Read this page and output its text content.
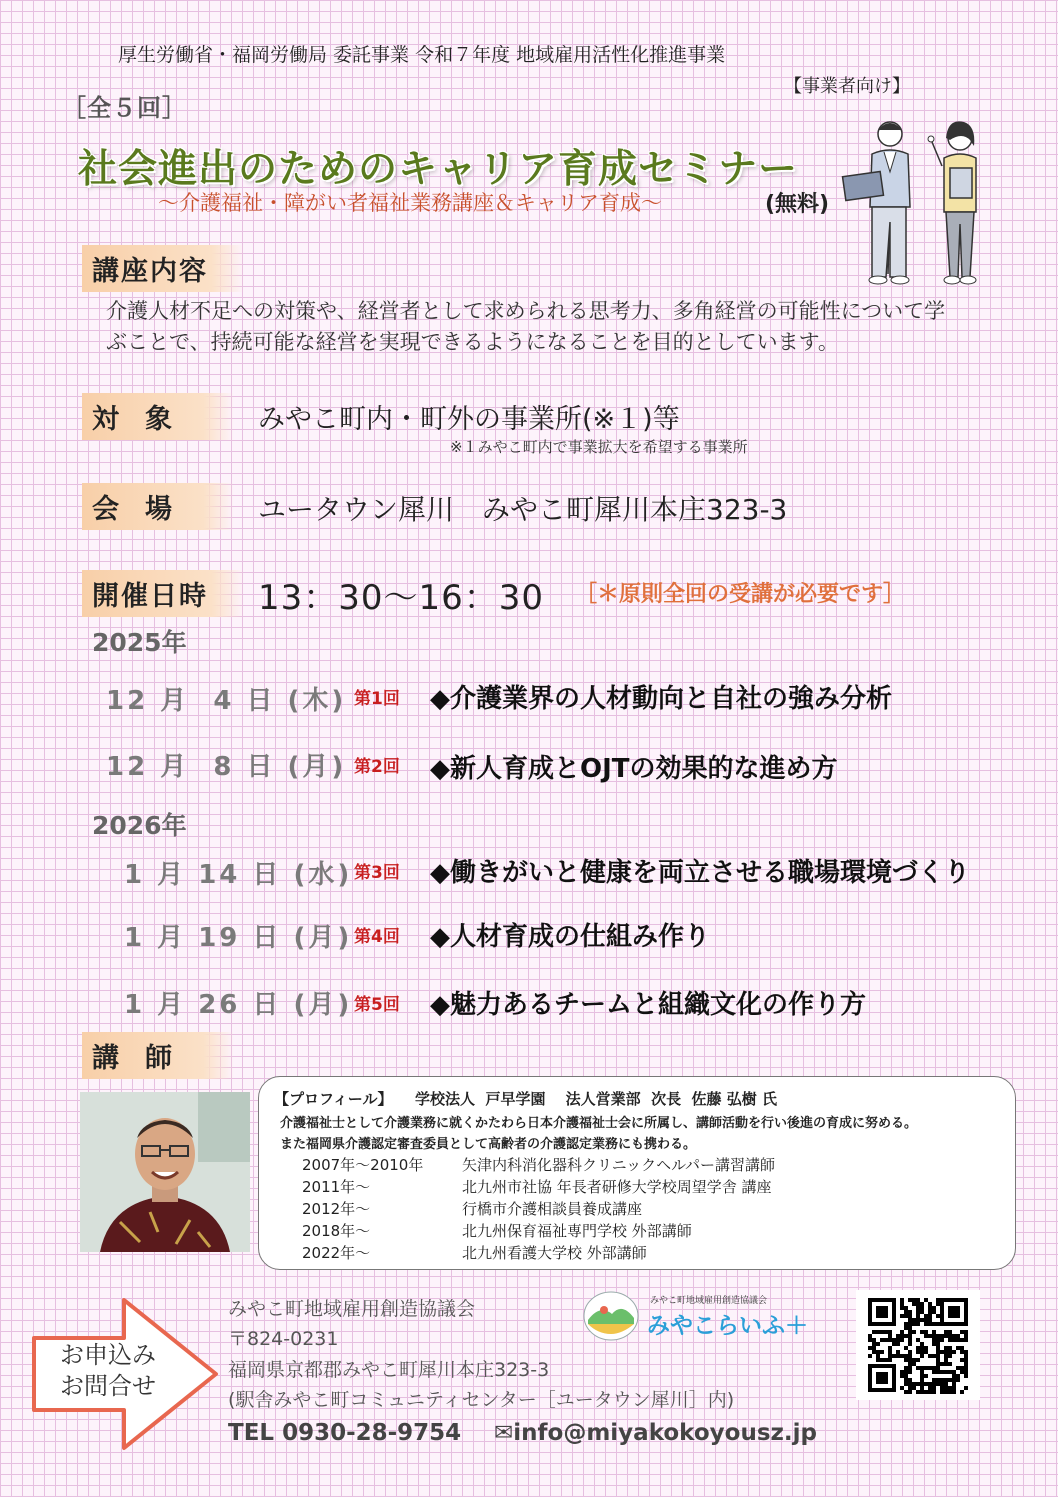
厚生労働省・福岡労働局 委託事業 令和７年度 地域雇用活性化推進事業
【事業者向け】
［全５回］
社会進出のためのキャリア育成セミナー
～介護福祉・障がい者福祉業務講座＆キャリア育成～	(無料)
講座内容
介護人材不足への対策や、経営者として求められる思考力、多角経営の可能性について学ぶことで、持続可能な経営を実現できるようになることを目的としています。
対象	みやこ町内・町外の事業所(※１)等
※１みやこ町内で事業拡大を希望する事業所
会場	ユータウン犀川　みやこ町犀川本庄323-3
開催日時	13：30～16：30 ［＊原則全回の受講が必要です］
2025年
12 月  4 日 (木) 第1回 ◆介護業界の人材動向と自社の強み分析
12 月  8 日 (月) 第2回 ◆新人育成とOJTの効果的な進め方
2026年
1 月 14 日 (水) 第3回 ◆働きがいと健康を両立させる職場環境づくり
1 月 19 日 (月) 第4回 ◆人材育成の仕組み作り
1 月 26 日 (月) 第5回 ◆魅力あるチームと組織文化の作り方
講師
【プロフィール】　　学校法人  戸早学園 　法人営業部  次長  佐藤 弘樹 氏
介護福祉士として介護業務に就くかたわら日本介護福祉士会に所属し、講師活動を行い後進の育成に努める。
また福岡県介護認定審査委員として高齢者の介護認定業務にも携わる。
2007年～2010年	矢津内科消化器科クリニックヘルパー講習講師
2011年～	北九州市社協 年長者研修大学校周望学舎 講座
2012年～	行橋市介護相談員養成講座
2018年～	北九州保育福祉専門学校 外部講師
2022年～	北九州看護大学校 外部講師
お申込み
お問合せ
みやこ町地域雇用創造協議会
〒824-0231
福岡県京都郡みやこ町犀川本庄323-3
(駅舎みやこ町コミュニティセンター［ユータウン犀川］内)
TEL 0930-28-9754 ✉info@miyakokoyousz.jp
みやこ町地域雇用創造協議会
みやこらいふ＋
